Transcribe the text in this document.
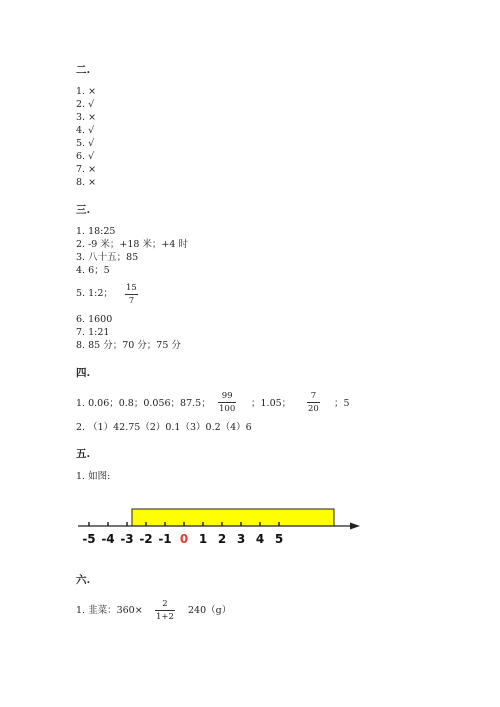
二.
1. ×
2. √
3. ×
4. √
5. √
6. √
7. ×
8. ×
三.
1. 18:25
2. -9 米；+18 米；+4 时
3. 八十五；85
4. 6；5
5. 1:2； 15
7
6. 1600
7. 1:21
8. 85 分；70 分；75 分
四.
1. 0.06；0.8；0.056；87.5；
99
100 ；1.05；
7
20 ；5
2. （1）42.75（2）0.1（3）0.2（4）6
五.
1. 如图:
-5 -4 -3 -2 -1 0 1 2 3 4 5
六.
1. 韭菜：360×
2
1+2
240（g）
